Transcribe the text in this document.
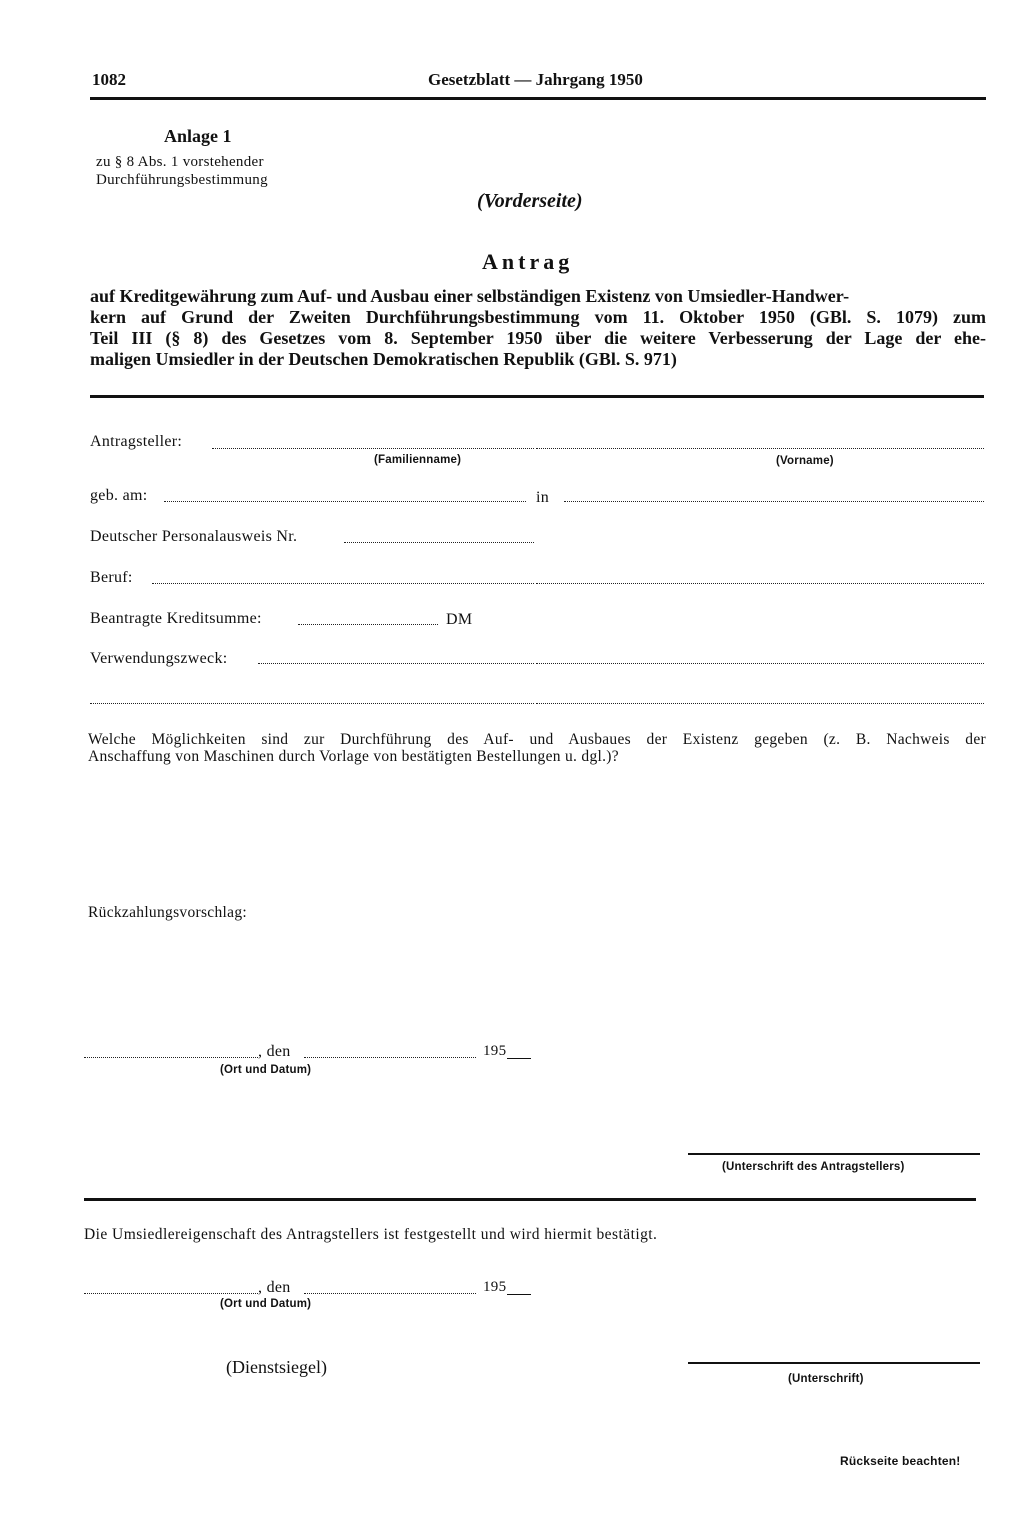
1082	Gesetzblatt — Jahrgang 1950
Anlage 1
zu § 8 Abs. 1 vorstehender
Durchführungsbestimmung
(Vorderseite)
Antrag
auf Kreditgewährung zum Auf- und Ausbau einer selbständigen Existenz von Umsiedler-Handwer-
kern auf Grund der Zweiten Durchführungsbestimmung vom 11. Oktober 1950 (GBl. S. 1079) zum
Teil III (§ 8) des Gesetzes vom 8. September 1950 über die weitere Verbesserung der Lage der ehe-
maligen Umsiedler in der Deutschen Demokratischen Republik (GBl. S. 971)
Antragsteller:
(Familienname)	(Vorname)
geb. am:	in
Deutscher Personalausweis Nr.
Beruf:
Beantragte Kreditsumme:	DM
Verwendungszweck:
Welche Möglichkeiten sind zur Durchführung des Auf- und Ausbaues der Existenz gegeben (z. B. Nachweis der
Anschaffung von Maschinen durch Vorlage von bestätigten Bestellungen u. dgl.)?
Rückzahlungsvorschlag:
, den	195
(Ort und Datum)
(Unterschrift des Antragstellers)
Die Umsiedlereigenschaft des Antragstellers ist festgestellt und wird hiermit bestätigt.
, den	195
(Ort und Datum)
(Dienstsiegel)
(Unterschrift)
Rückseite beachten!
